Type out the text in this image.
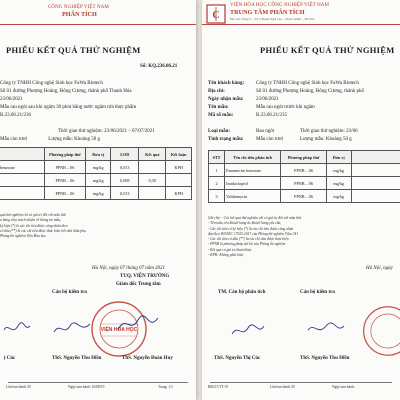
CÔNG NGHIỆP VIỆT NAM
PHÂN TÍCH
PHIẾU KẾT QUẢ THỬ NGHIỆM
Số: KQ.236.06.21
Công ty TNHH Công nghệ Sinh học FuWa Biotech
Số 01 đường Phượng Hoàng, Đông Cương, thành phố Thanh Hóa
23/06/2021
Mẫu rau ngót sau khi ngâm 30 phút bằng nước ngâm rửa thực phẩm
R.23.06.21/236
Thời gian thử nghiệm: 23/06/2021 – 07/07/2021
Mẫu còn tươi	Lượng mẫu: Khoảng 50 g
	Phương pháp thử	Đơn vị	LOD	Kết quả	Kết luận
benzoate	PPNB – 06	mg/kg	0,013		KPH
	PPNB – 06	mg/kg	0,008	0,39	
	PPNB – 06	mg/kg	0,013		KPH
quả thử nghiệm chỉ có giá trị đối với mẫu thử
a hàng chịu trách nhiệm về thông tin mẫu,
ký hiệu (*) là các chỉ tiêu được công nhận theo
có dấu (**) là các chỉ tiêu được thực hiện bởi nhà thầu phụ
Phòng thí nghiệm Viện Hóa học
Hà Nội, ngày 07 tháng 07 năm 2021
TUQ. VIỆN TRƯỞNG
Giám đốc Trung tâm
Cán bộ kiểm tra
VIỆN HÓA HỌC
ị Cúc	ThS. Nguyễn Thu Hiền	ThS. Nguyễn Đoàn Huy
Lần ban hành: 05	Ngày ban hành: 10/08/19	Trang: 1/1
C
VIỆN HÓA HỌC CÔNG NGHIỆP VIỆT NAM
TRUNG TÂM PHÂN TÍCH
Địa chỉ: Tầng 3 – Số 2 Phạm Ngũ Lão – Hoàn Kiếm – Hà Nội
PHIẾU KẾT QUẢ THỬ NGHIỆM
Tên khách hàng: Công ty TNHH Công nghệ Sinh học FuWa Biotech
Địa chỉ:	Số 01 đường Phượng Hoàng, Đông Cương, thành phố
Ngày nhận mẫu: 23/06/2021
Tên mẫu:	Mẫu rau ngót trước khi ngâm
Mã số mẫu:	R.23.06.21/235
Loại mẫu:	Rau ngót	Thời gian thử nghiệm: 23/06
Tình trạng mẫu: Mẫu còn tươi	Lượng mẫu: Khoảng 50 g
STT	Tên chỉ tiêu phân tích	Phương pháp thử	Đơn vị	
1	Emamectin benzoate	PPNB – 06	mg/kg	
2	Imidacloprid	PPNB – 06	mg/kg	
3	Validamycin	PPNB – 06	mg/kg	
Ghi chú: - Các kết quả thử nghiệm chỉ có giá trị đối với mẫu thử
- Tên mẫu, tên khách hàng do khách hàng yêu cầu,
- Các chỉ tiêu có ký hiệu (*) là các chỉ tiêu được công nhận
đạt theo ISO/IEC 17025:2017 của Phòng thí nghiệm Vilas 341
- Các chỉ tiêu có dấu (**) là các chỉ tiêu được thực hiện
- PPNB là phương pháp nội bộ của Phòng thí nghiệm
- Kết quả có giá trị tham khảo
- KPH: Không phát hiện
Hà Nội, ngày
TM. Cán bộ phân tích	Cán bộ kiểm tra
ThS. Nguyễn Thị Cúc	ThS. Nguyễn Thu Hiền
BM.01/TT.19	Lần ban hành: 05	Ngày ban hành:
